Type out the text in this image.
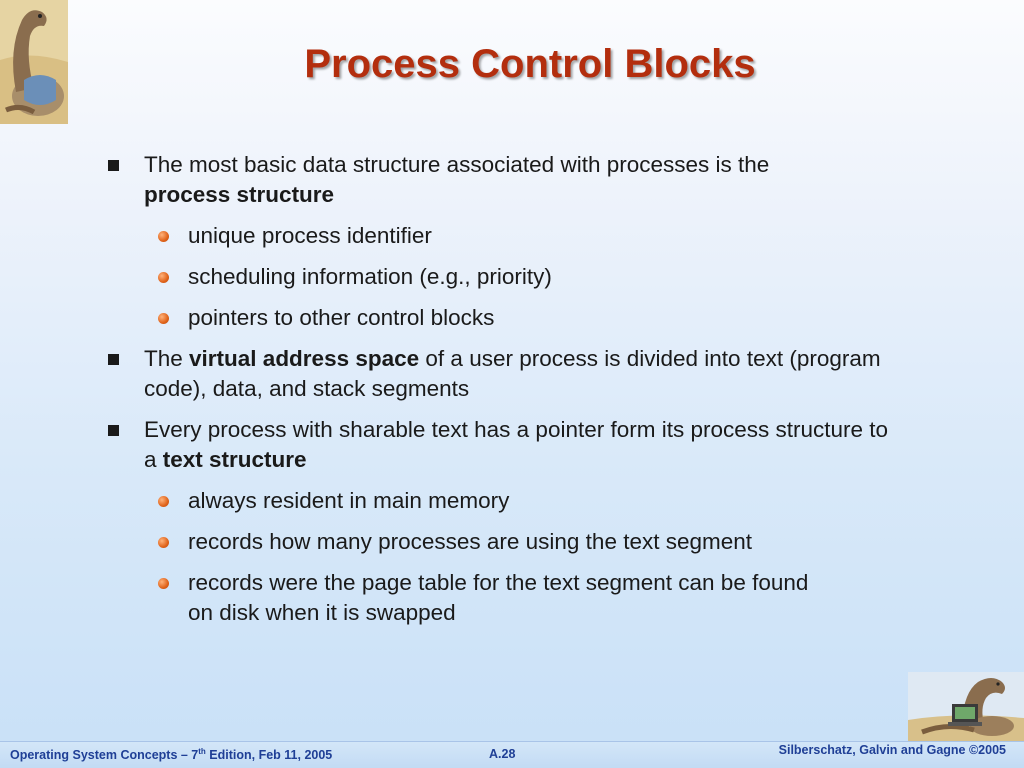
Process Control Blocks
The most basic data structure associated with processes is the
process structure
unique process identifier
scheduling information (e.g., priority)
pointers to other control blocks
The virtual address space of a user process is divided into text (program code), data, and stack segments
Every process with sharable text has a pointer form its process structure to a text structure
always resident in main memory
records how many processes are using the text segment
records were the page table for the text segment can be found on disk when it is swapped
Operating System Concepts – 7th Edition, Feb 11, 2005	A.28	Silberschatz, Galvin and Gagne ©2005
